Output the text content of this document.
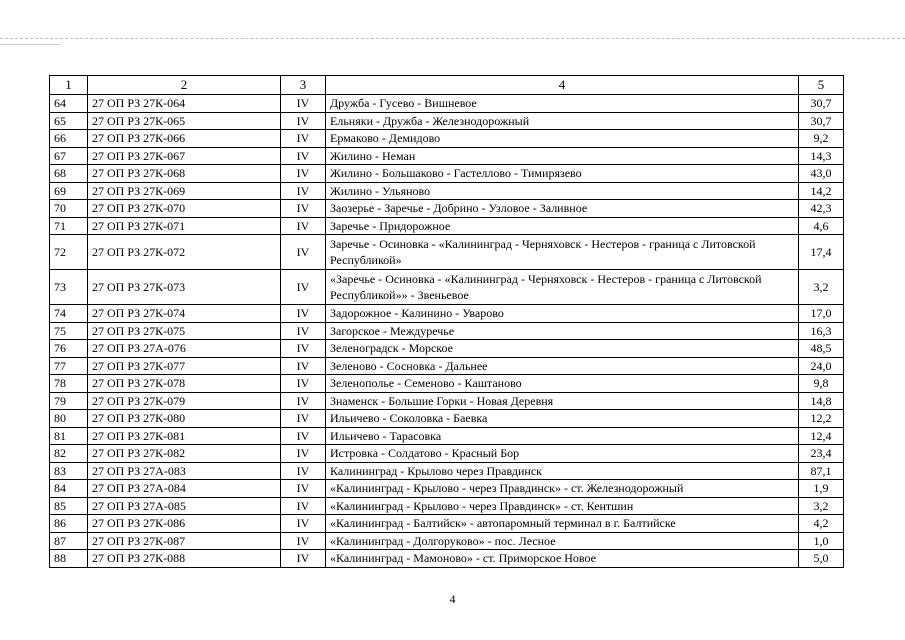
1	2	3	4	5
64	27 ОП РЗ 27К-064	IV	Дружба - Гусево - Вишневое	30,7
65	27 ОП РЗ 27К-065	IV	Ельняки - Дружба - Железнодорожный	30,7
66	27 ОП РЗ 27К-066	IV	Ермаково - Демидово	9,2
67	27 ОП РЗ 27К-067	IV	Жилино - Неман	14,3
68	27 ОП РЗ 27К-068	IV	Жилино - Большаково - Гастеллово - Тимирязево	43,0
69	27 ОП РЗ 27К-069	IV	Жилино - Ульяново	14,2
70	27 ОП РЗ 27К-070	IV	Заозерье - Заречье - Добрино - Узловое - Заливное	42,3
71	27 ОП РЗ 27К-071	IV	Заречье - Придорожное	4,6
72	27 ОП РЗ 27К-072	IV	Заречье - Осиновка - «Калининград - Черняховск - Нестеров - граница с Литовской Республикой»	17,4
73	27 ОП РЗ 27К-073	IV	«Заречье - Осиновка - «Калининград - Черняховск - Нестеров - граница с Литовской Республикой»» - Звеньевое	3,2
74	27 ОП РЗ 27К-074	IV	Задорожное - Калинино - Уварово	17,0
75	27 ОП РЗ 27К-075	IV	Загорское - Междуречье	16,3
76	27 ОП РЗ 27А-076	IV	Зеленоградск - Морское	48,5
77	27 ОП РЗ 27К-077	IV	Зеленово - Сосновка - Дальнее	24,0
78	27 ОП РЗ 27К-078	IV	Зеленополье - Семеново - Каштаново	9,8
79	27 ОП РЗ 27К-079	IV	Знаменск - Большие Горки - Новая Деревня	14,8
80	27 ОП РЗ 27К-080	IV	Ильичево - Соколовка - Баевка	12,2
81	27 ОП РЗ 27К-081	IV	Ильичево - Тарасовка	12,4
82	27 ОП РЗ 27К-082	IV	Истровка - Солдатово - Красный Бор	23,4
83	27 ОП РЗ 27А-083	IV	Калининград - Крылово через Правдинск	87,1
84	27 ОП РЗ 27А-084	IV	«Калининград - Крылово - через Правдинск» - ст. Железнодорожный	1,9
85	27 ОП РЗ 27А-085	IV	«Калининград - Крылово - через Правдинск» - ст. Кентшин	3,2
86	27 ОП РЗ 27К-086	IV	«Калининград - Балтийск» - автопаромный терминал в г. Балтийске	4,2
87	27 ОП РЗ 27К-087	IV	«Калининград - Долгоруково» - пос. Лесное	1,0
88	27 ОП РЗ 27К-088	IV	«Калининград - Мамоново» - ст. Приморское Новое	5,0
4
